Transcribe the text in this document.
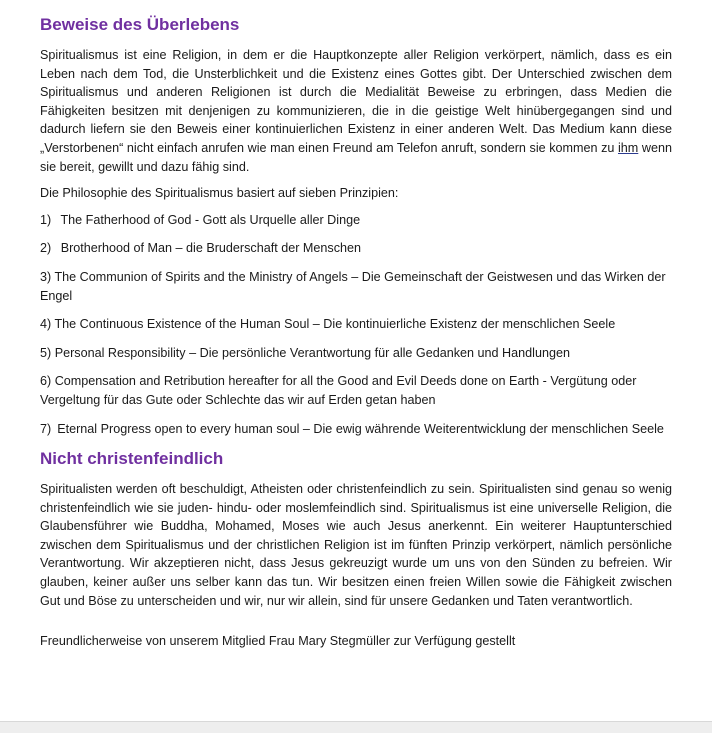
Beweise des Überlebens

Spiritualismus ist eine Religion, in dem er die Hauptkonzepte aller Religion verkörpert, nämlich, dass es ein Leben nach dem Tod, die Unsterblichkeit und die Existenz eines Gottes gibt. Der Unterschied zwischen dem Spiritualismus und anderen Religionen ist durch die Medialität Beweise zu erbringen, dass Medien die Fähigkeiten besitzen mit denjenigen zu kommunizieren, die in die geistige Welt hinübergegangen sind und dadurch liefern sie den Beweis einer kontinuierlichen Existenz in einer anderen Welt. Das Medium kann diese „Verstorbenen“ nicht einfach anrufen wie man einen Freund am Telefon anruft, sondern sie kommen zu ihm wenn sie bereit, gewillt und dazu fähig sind.

Die Philosophie des Spiritualismus basiert auf sieben Prinzipien:

1) The Fatherhood of God - Gott als Urquelle aller Dinge
2) Brotherhood of Man – die Bruderschaft der Menschen
3) The Communion of Spirits and the Ministry of Angels – Die Gemeinschaft der Geistwesen und das Wirken der Engel
4) The Continuous Existence of the Human Soul – Die kontinuierliche Existenz der menschlichen Seele
5) Personal Responsibility – Die persönliche Verantwortung für alle Gedanken und Handlungen
6) Compensation and Retribution hereafter for all the Good and Evil Deeds done on Earth - Vergütung oder Vergeltung für das Gute oder Schlechte das wir auf Erden getan haben
7) Eternal Progress open to every human soul – Die ewig währende Weiterentwicklung der menschlichen Seele
Nicht christenfeindlich

Spiritualisten werden oft beschuldigt, Atheisten oder christenfeindlich zu sein. Spiritualisten sind genau so wenig christenfeindlich wie sie juden- hindu- oder moslemfeindlich sind. Spiritualismus ist eine universelle Religion, die Glaubensführer wie Buddha, Mohamed, Moses wie auch Jesus anerkennt. Ein weiterer Hauptunterschied zwischen dem Spiritualismus und der christlichen Religion ist im fünften Prinzip verkörpert, nämlich persönliche Verantwortung. Wir akzeptieren nicht, dass Jesus gekreuzigt wurde um uns von den Sünden zu befreien. Wir glauben, keiner außer uns selber kann das tun. Wir besitzen einen freien Willen sowie die Fähigkeit zwischen Gut und Böse zu unterscheiden und wir, nur wir allein, sind für unsere Gedanken und Taten verantwortlich.

Freundlicherweise von unserem Mitglied Frau Mary Stegmüller zur Verfügung gestellt
